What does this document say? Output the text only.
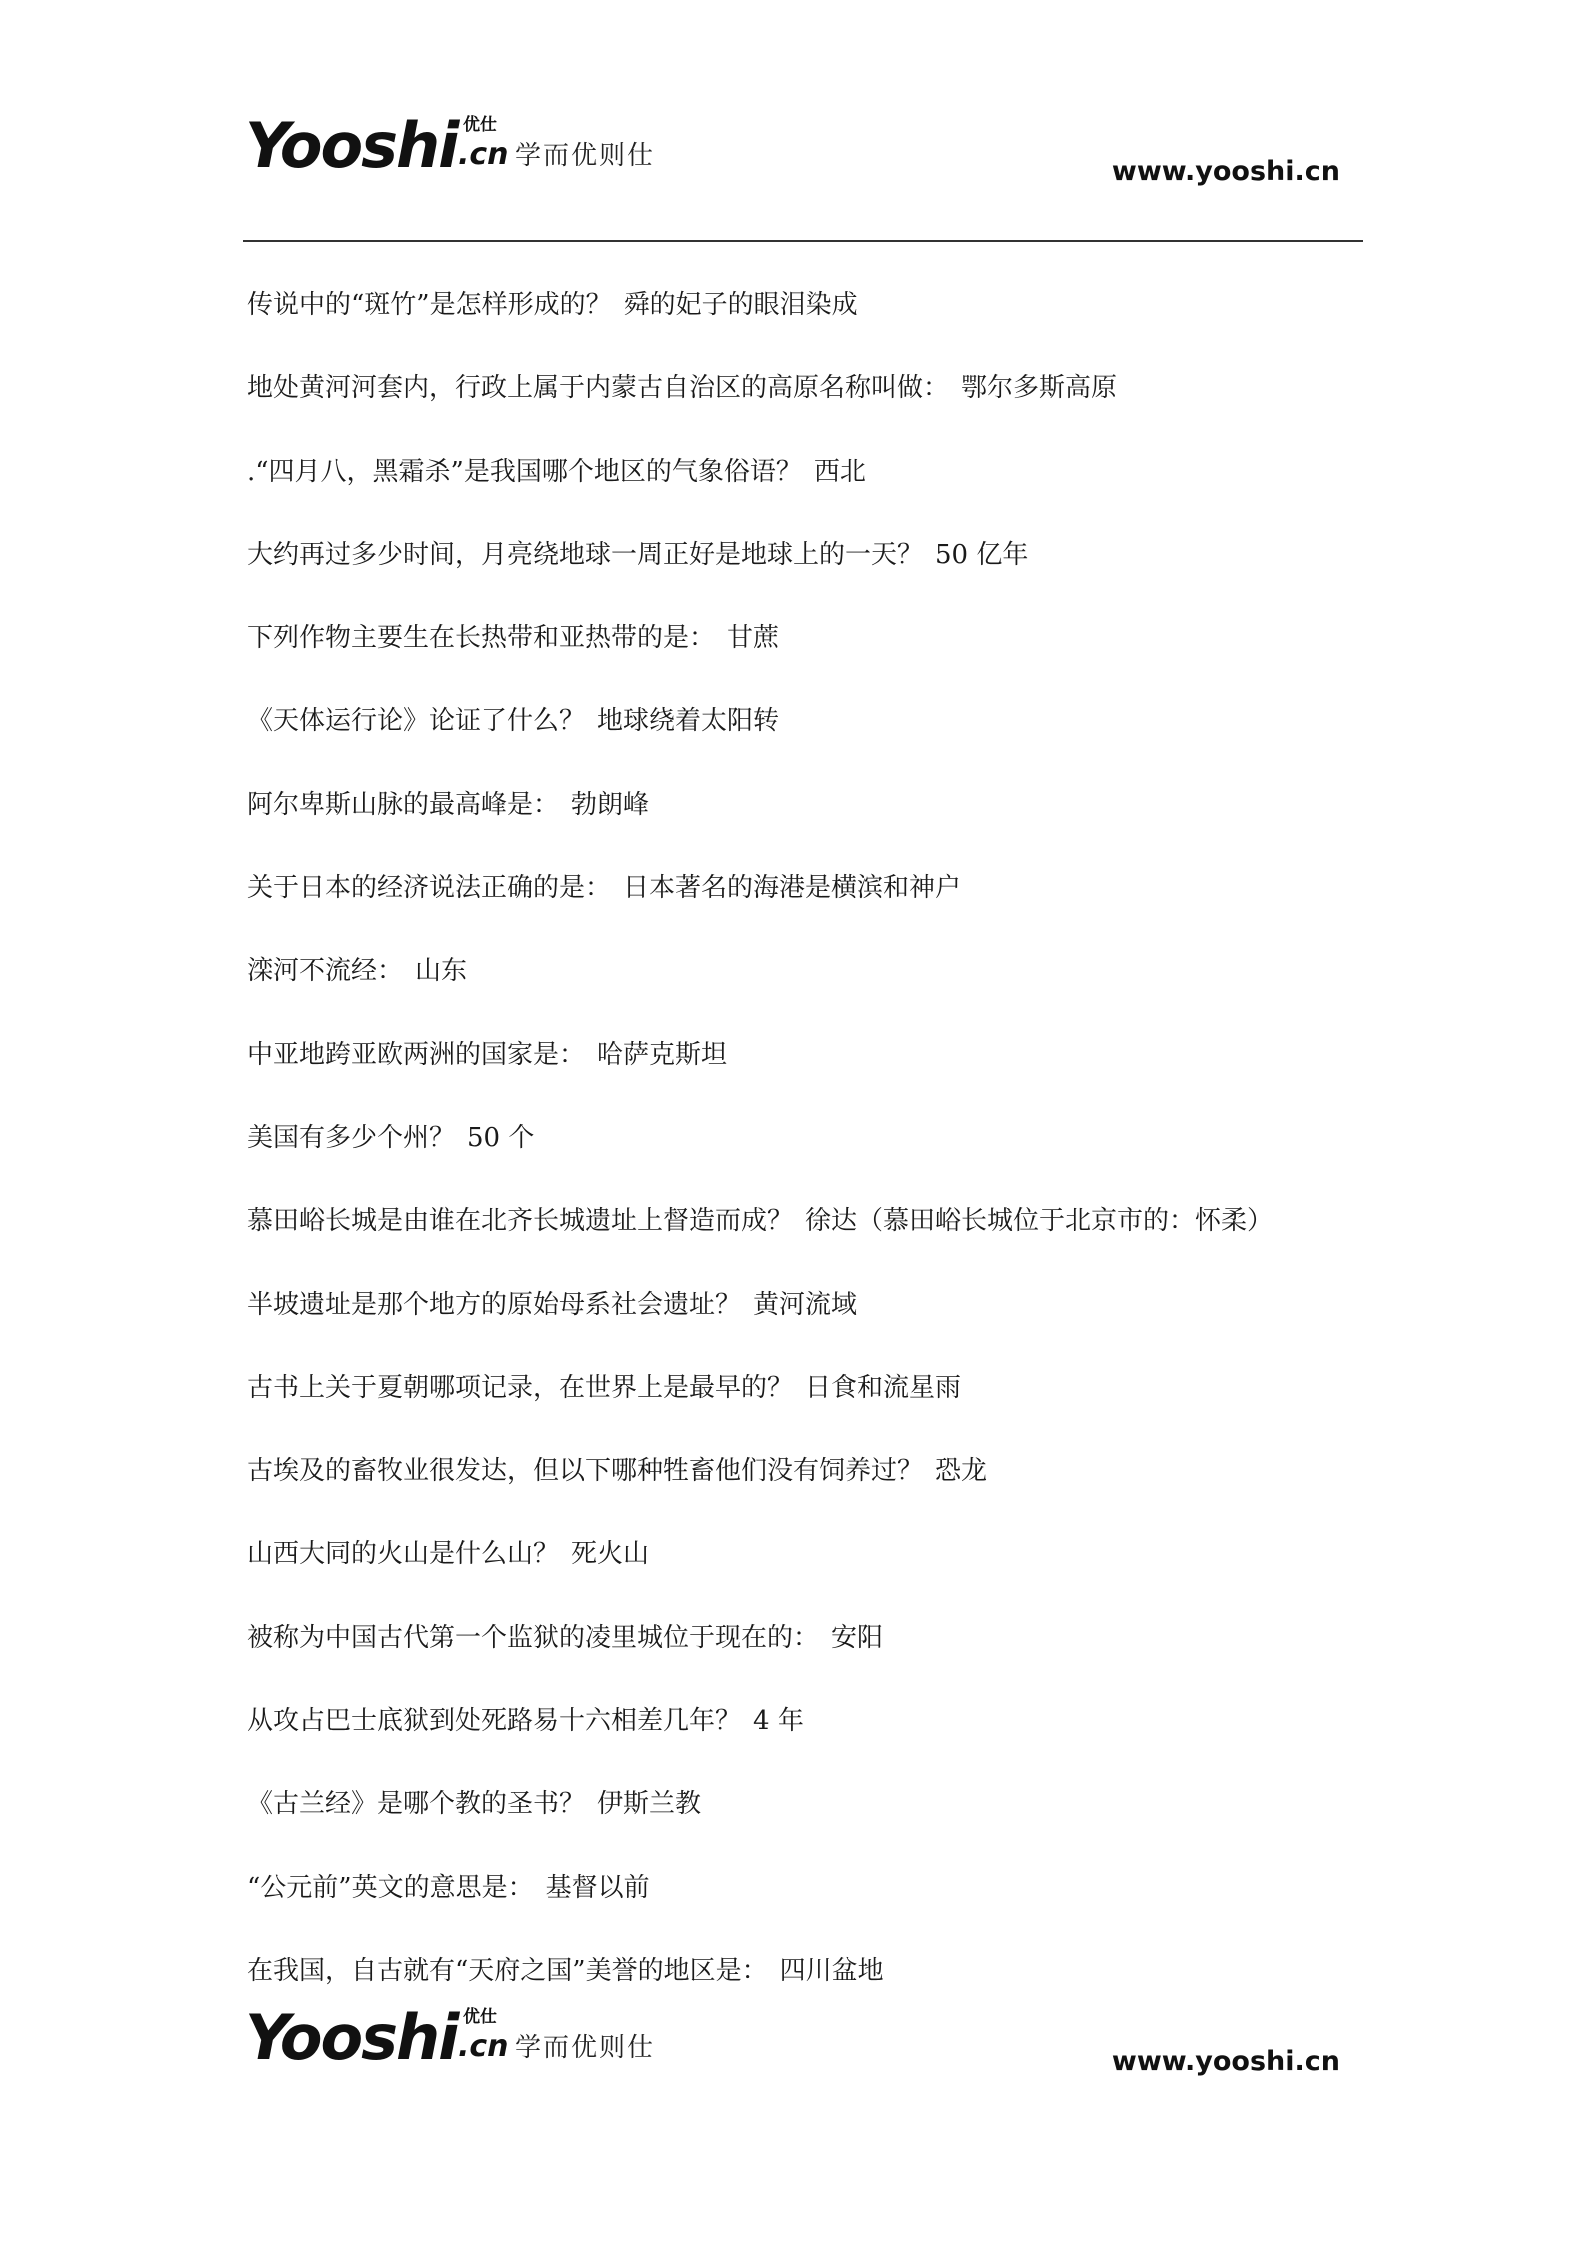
Yooshi 优仕
.cn 学而优则仕	www.yooshi.cn
传说中的“斑竹”是怎样形成的？ 舜的妃子的眼泪染成
地处黄河河套内，行政上属于内蒙古自治区的高原名称叫做： 鄂尔多斯高原
.“四月八，黑霜杀”是我国哪个地区的气象俗语？ 西北
大约再过多少时间，月亮绕地球一周正好是地球上的一天？ 50 亿年
下列作物主要生在长热带和亚热带的是： 甘蔗
《天体运行论》论证了什么？ 地球绕着太阳转
阿尔卑斯山脉的最高峰是： 勃朗峰
关于日本的经济说法正确的是： 日本著名的海港是横滨和神户
滦河不流经： 山东
中亚地跨亚欧两洲的国家是： 哈萨克斯坦
美国有多少个州？ 50 个
慕田峪长城是由谁在北齐长城遗址上督造而成？ 徐达（慕田峪长城位于北京市的：怀柔）
半坡遗址是那个地方的原始母系社会遗址？ 黄河流域
古书上关于夏朝哪项记录，在世界上是最早的？ 日食和流星雨
古埃及的畜牧业很发达，但以下哪种牲畜他们没有饲养过？ 恐龙
山西大同的火山是什么山？ 死火山
被称为中国古代第一个监狱的凌里城位于现在的： 安阳
从攻占巴士底狱到处死路易十六相差几年？ 4 年
《古兰经》是哪个教的圣书？ 伊斯兰教
“公元前”英文的意思是： 基督以前
在我国，自古就有“天府之国”美誉的地区是： 四川盆地
Yooshi 优仕
.cn 学而优则仕	www.yooshi.cn
